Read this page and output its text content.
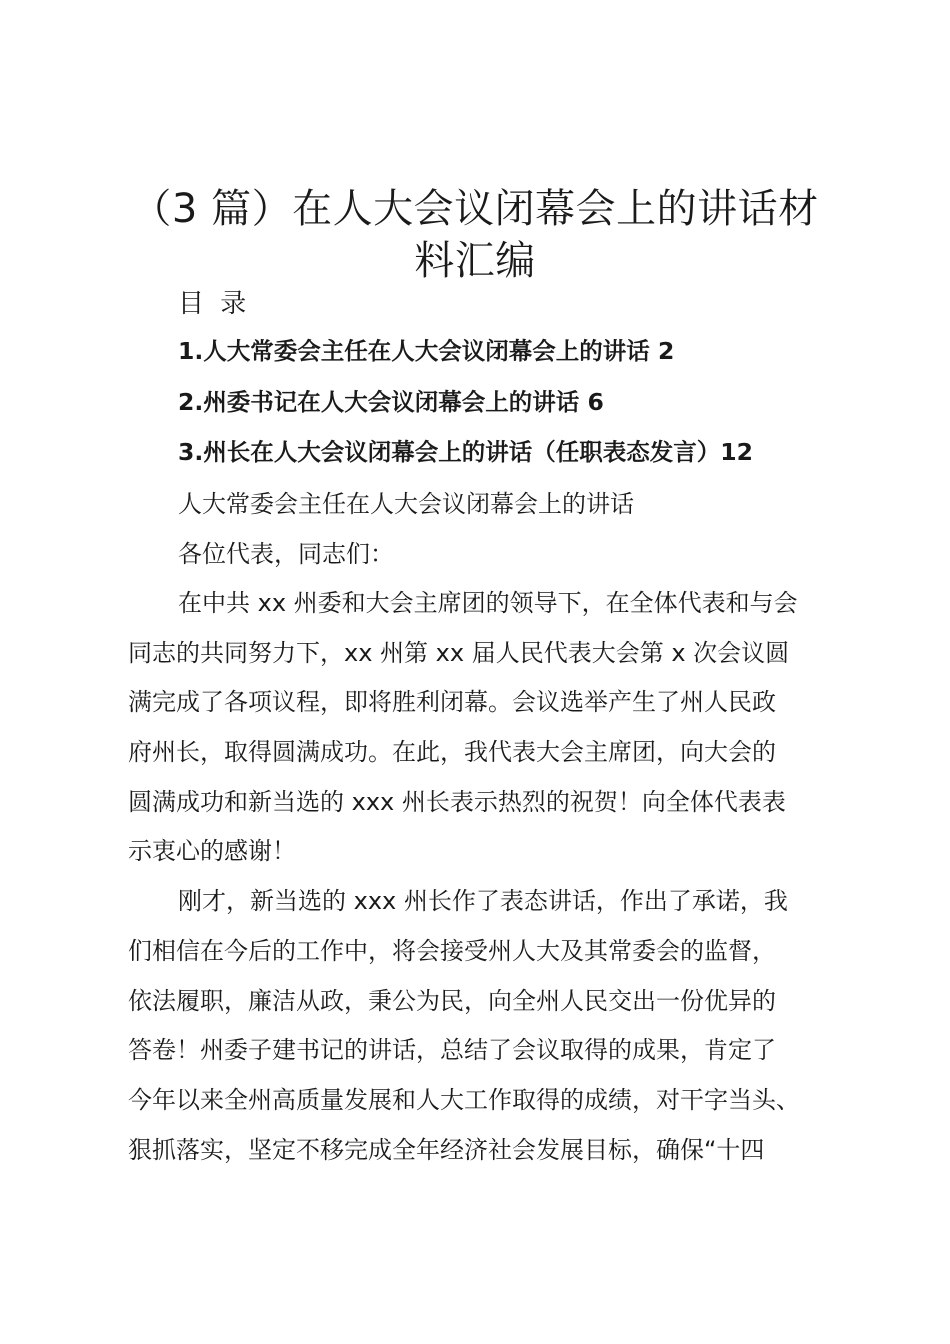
（3 篇）在人大会议闭幕会上的讲话材
料汇编

目 录

1.人大常委会主任在人大会议闭幕会上的讲话 2
2.州委书记在人大会议闭幕会上的讲话 6
3.州长在人大会议闭幕会上的讲话（任职表态发言）12

人大常委会主任在人大会议闭幕会上的讲话

各位代表，同志们：

在中共 xx 州委和大会主席团的领导下，在全体代表和与会
同志的共同努力下，xx 州第 xx 届人民代表大会第 x 次会议圆
满完成了各项议程，即将胜利闭幕。会议选举产生了州人民政
府州长，取得圆满成功。在此，我代表大会主席团，向大会的
圆满成功和新当选的 xxx 州长表示热烈的祝贺！向全体代表表
示衷心的感谢！
刚才，新当选的 xxx 州长作了表态讲话，作出了承诺，我
们相信在今后的工作中，将会接受州人大及其常委会的监督，
依法履职，廉洁从政，秉公为民，向全州人民交出一份优异的
答卷！州委子建书记的讲话，总结了会议取得的成果，肯定了
今年以来全州高质量发展和人大工作取得的成绩，对干字当头、
狠抓落实，坚定不移完成全年经济社会发展目标，确保“十四
